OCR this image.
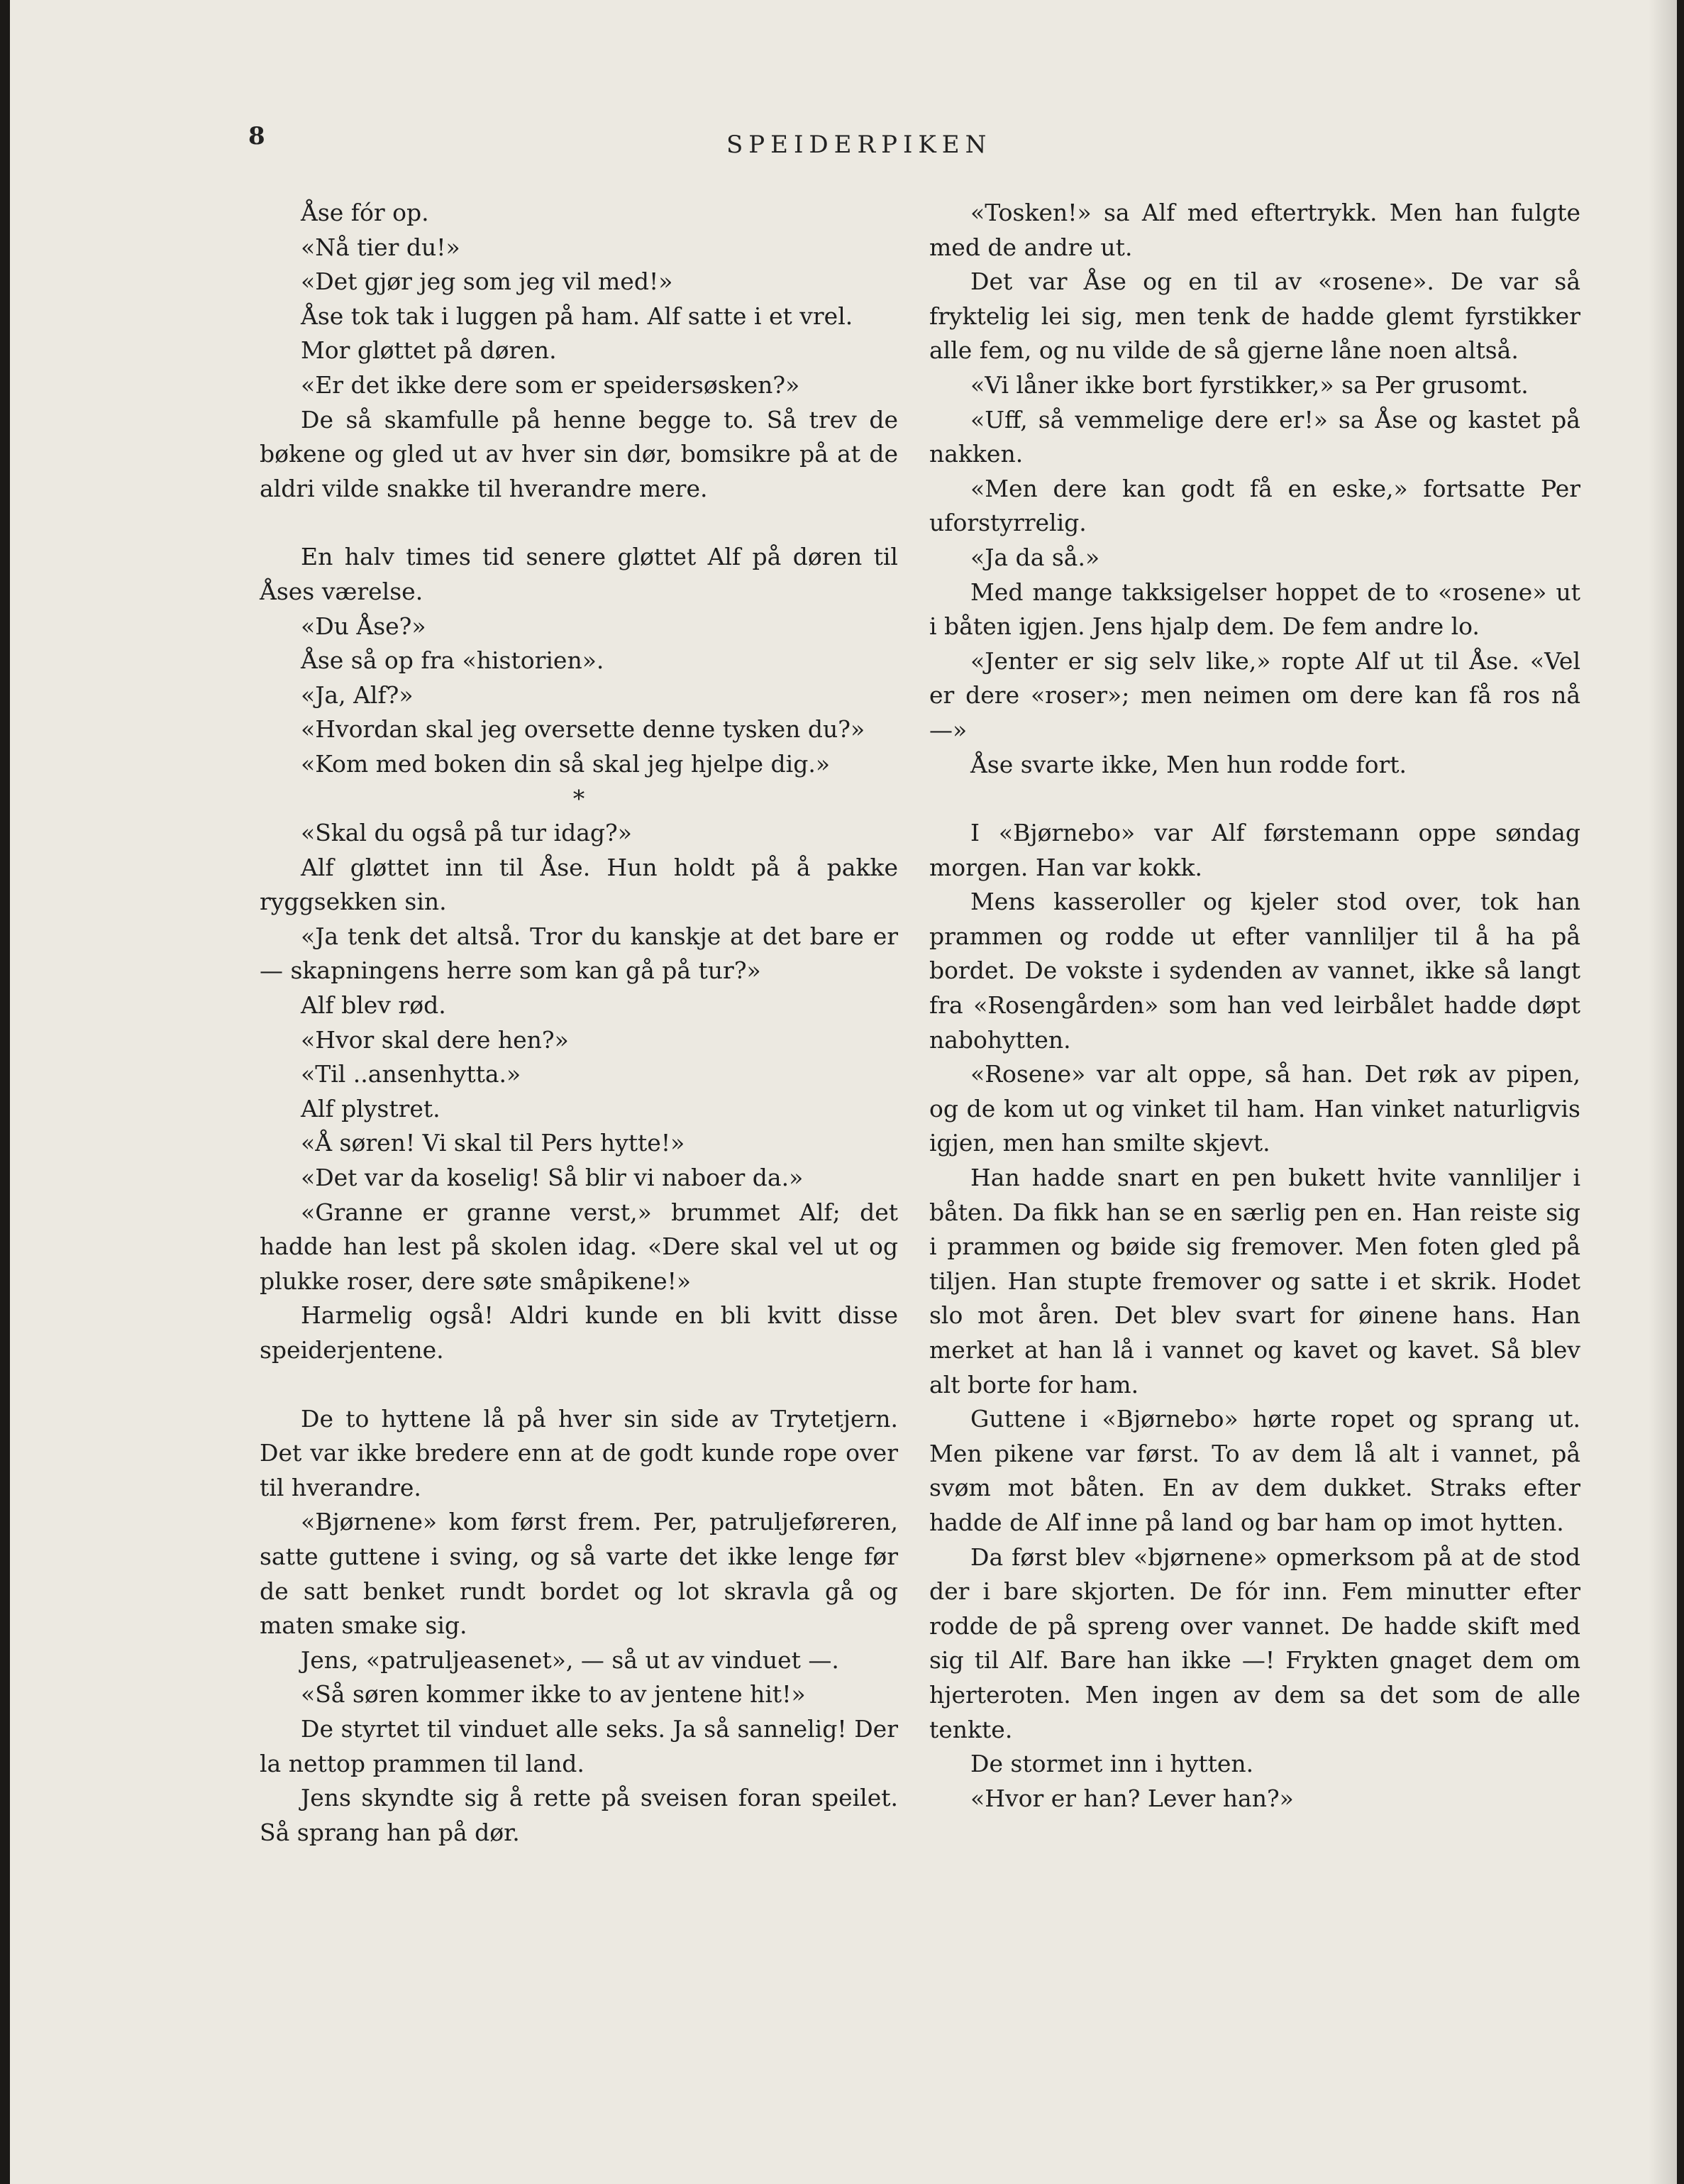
8	SPEIDERPIKEN

Åse fór op.

«Nå tier du!»

«Det gjør jeg som jeg vil med!»

Åse tok tak i luggen på ham. Alf satte i et vrel.

Mor gløttet på døren.

«Er det ikke dere som er speidersøsken?»

De så skamfulle på henne begge to. Så trev de bøkene og gled ut av hver sin dør, bomsikre på at de aldri vilde snakke til hverandre mere.

En halv times tid senere gløttet Alf på døren til Åses værelse.

«Du Åse?»

Åse så op fra «historien».

«Ja, Alf?»

«Hvordan skal jeg oversette denne tysken du?»

«Kom med boken din så skal jeg hjelpe dig.»

*

«Skal du også på tur idag?»

Alf gløttet inn til Åse. Hun holdt på å pakke ryggsekken sin.

«Ja tenk det altså. Tror du kanskje at det bare er — skapningens herre som kan gå på tur?»

Alf blev rød.

«Hvor skal dere hen?»

«Til ..ansenhytta.»

Alf plystret.

«Å søren! Vi skal til Pers hytte!»

«Det var da koselig! Så blir vi naboer da.»

«Granne er granne verst,» brummet Alf; det hadde han lest på skolen idag. «Dere skal vel ut og plukke roser, dere søte småpikene!»

Harmelig også! Aldri kunde en bli kvitt disse speiderjentene.

De to hyttene lå på hver sin side av Trytetjern. Det var ikke bredere enn at de godt kunde rope over til hverandre.

«Bjørnene» kom først frem. Per, patruljeføreren, satte guttene i sving, og så varte det ikke lenge før de satt benket rundt bordet og lot skravla gå og maten smake sig.

Jens, «patruljeasenet», — så ut av vinduet —.

«Så søren kommer ikke to av jentene hit!»

De styrtet til vinduet alle seks. Ja så sannelig! Der la nettop prammen til land.

Jens skyndte sig å rette på sveisen foran speilet. Så sprang han på dør.

«Tosken!» sa Alf med eftertrykk. Men han fulgte med de andre ut.

Det var Åse og en til av «rosene». De var så fryktelig lei sig, men tenk de hadde glemt fyrstikker alle fem, og nu vilde de så gjerne låne noen altså.

«Vi låner ikke bort fyrstikker,» sa Per grusomt.

«Uff, så vemmelige dere er!» sa Åse og kastet på nakken.

«Men dere kan godt få en eske,» fortsatte Per uforstyrrelig.

«Ja da så.»

Med mange takksigelser hoppet de to «rosene» ut i båten igjen. Jens hjalp dem. De fem andre lo.

«Jenter er sig selv like,» ropte Alf ut til Åse. «Vel er dere «roser»; men neimen om dere kan få ros nå —»

Åse svarte ikke, Men hun rodde fort.

I «Bjørnebo» var Alf førstemann oppe søndag morgen. Han var kokk.

Mens kasseroller og kjeler stod over, tok han prammen og rodde ut efter vannliljer til å ha på bordet. De vokste i sydenden av vannet, ikke så langt fra «Rosengården» som han ved leirbålet hadde døpt nabohytten.

«Rosene» var alt oppe, så han. Det røk av pipen, og de kom ut og vinket til ham. Han vinket naturligvis igjen, men han smilte skjevt.

Han hadde snart en pen bukett hvite vannliljer i båten. Da fikk han se en særlig pen en. Han reiste sig i prammen og bøide sig fremover. Men foten gled på tiljen. Han stupte fremover og satte i et skrik. Hodet slo mot åren. Det blev svart for øinene hans. Han merket at han lå i vannet og kavet og kavet. Så blev alt borte for ham.

Guttene i «Bjørnebo» hørte ropet og sprang ut. Men pikene var først. To av dem lå alt i vannet, på svøm mot båten. En av dem dukket. Straks efter hadde de Alf inne på land og bar ham op imot hytten.

Da først blev «bjørnene» opmerksom på at de stod der i bare skjorten. De fór inn. Fem minutter efter rodde de på spreng over vannet. De hadde skift med sig til Alf. Bare han ikke —! Frykten gnaget dem om hjerteroten. Men ingen av dem sa det som de alle tenkte.

De stormet inn i hytten.

«Hvor er han? Lever han?»
